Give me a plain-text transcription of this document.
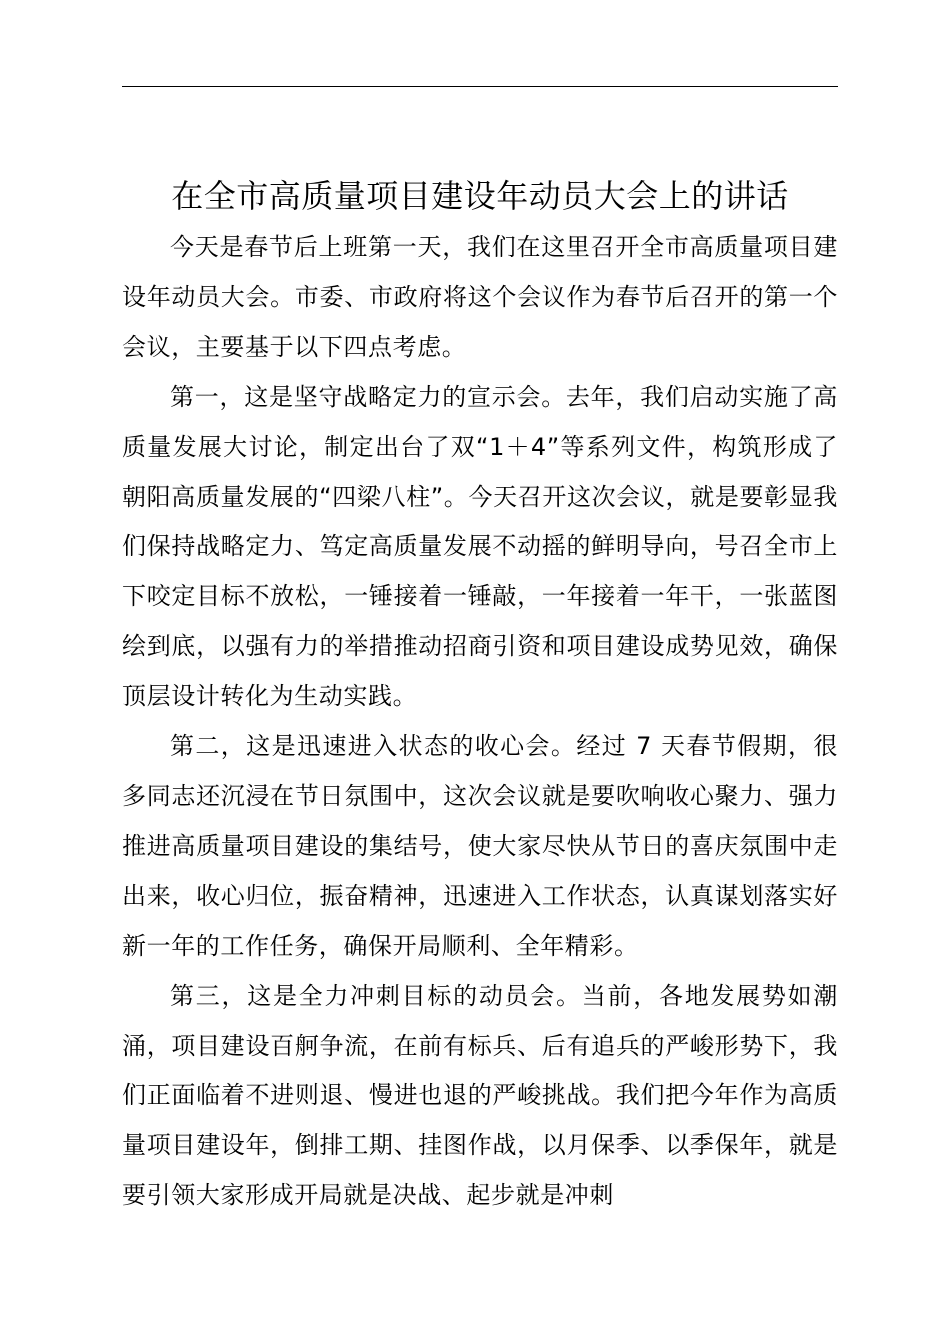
在全市高质量项目建设年动员大会上的讲话

今天是春节后上班第一天，我们在这里召开全市高质量项目建设年动员大会。市委、市政府将这个会议作为春节后召开的第一个会议，主要基于以下四点考虑。

第一，这是坚守战略定力的宣示会。去年，我们启动实施了高质量发展大讨论，制定出台了双“1＋4”等系列文件，构筑形成了朝阳高质量发展的“四梁八柱”。今天召开这次会议，就是要彰显我们保持战略定力、笃定高质量发展不动摇的鲜明导向，号召全市上下咬定目标不放松，一锤接着一锤敲，一年接着一年干，一张蓝图绘到底，以强有力的举措推动招商引资和项目建设成势见效，确保顶层设计转化为生动实践。

第二，这是迅速进入状态的收心会。经过 7 天春节假期，很多同志还沉浸在节日氛围中，这次会议就是要吹响收心聚力、强力推进高质量项目建设的集结号，使大家尽快从节日的喜庆氛围中走出来，收心归位，振奋精神，迅速进入工作状态，认真谋划落实好新一年的工作任务，确保开局顺利、全年精彩。

第三，这是全力冲刺目标的动员会。当前，各地发展势如潮涌，项目建设百舸争流，在前有标兵、后有追兵的严峻形势下，我们正面临着不进则退、慢进也退的严峻挑战。我们把今年作为高质量项目建设年，倒排工期、挂图作战，以月保季、以季保年，就是要引领大家形成开局就是决战、起步就是冲刺
